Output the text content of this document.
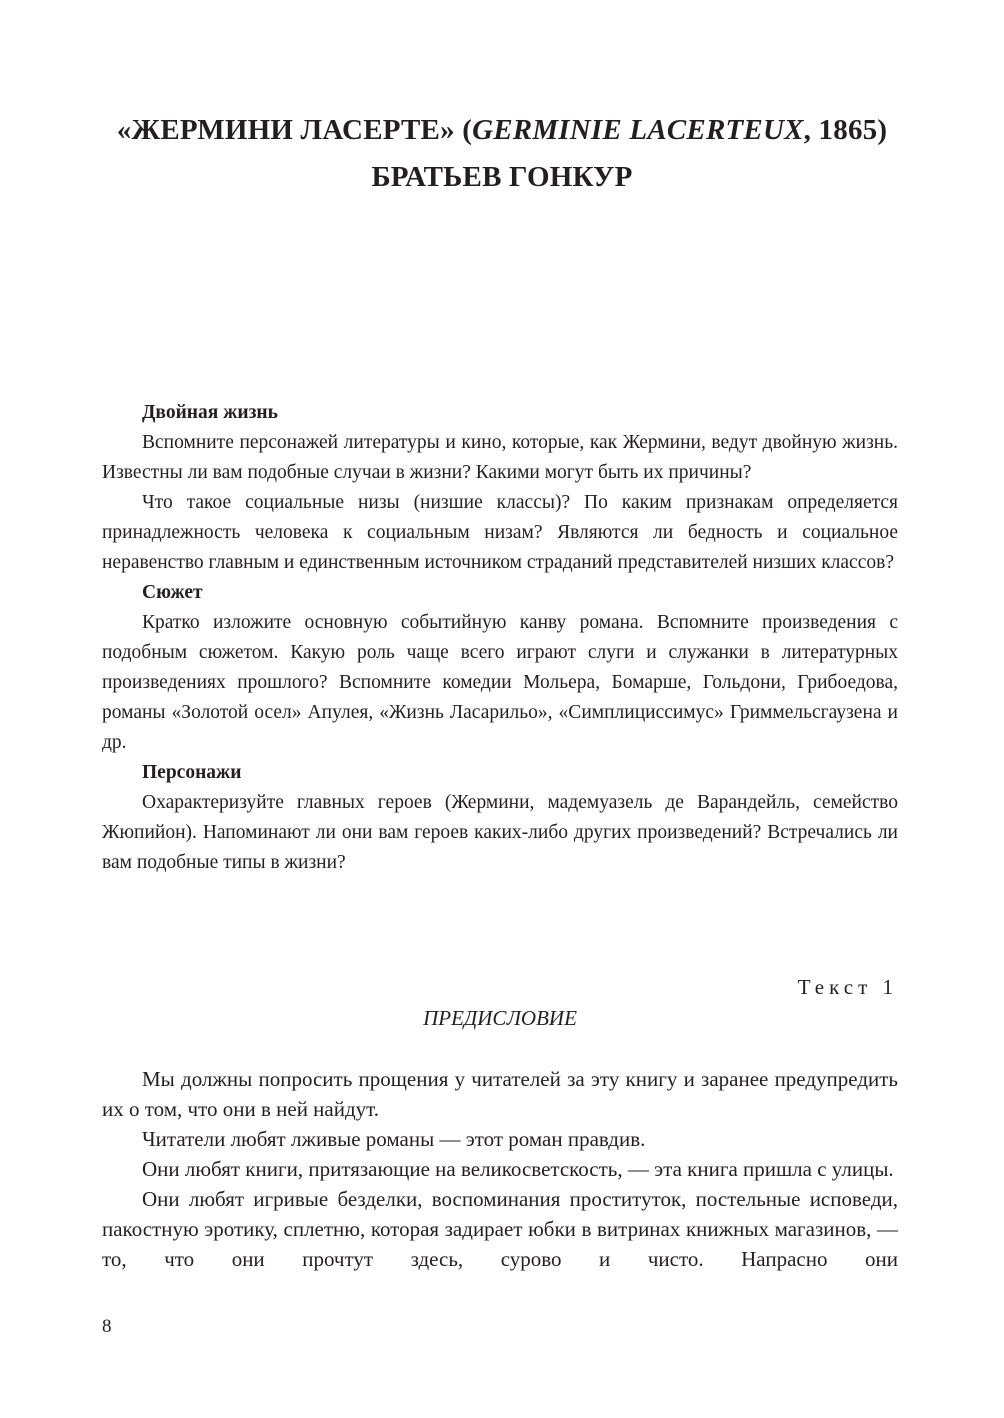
«ЖЕРМИНИ ЛАСЕРТЕ» (GERMINIE LACERTEUX, 1865)
БРАТЬЕВ ГОНКУР

Двойная жизнь

Вспомните персонажей литературы и кино, которые, как Жермини, ведут двойную жизнь. Известны ли вам подобные случаи в жизни? Какими могут быть их причины?

Что такое социальные низы (низшие классы)? По каким признакам определяется принадлежность человека к социальным низам? Являются ли бедность и социальное неравенство главным и единственным источником страданий представителей низших классов?

Сюжет

Кратко изложите основную событийную канву романа. Вспомните произведения с подобным сюжетом. Какую роль чаще всего играют слуги и служанки в литературных произведениях прошлого? Вспомните комедии Мольера, Бомарше, Гольдони, Грибоедова, романы «Золотой осел» Апулея, «Жизнь Ласарильо», «Симплициссимус» Гриммельсгаузена и др.

Персонажи

Охарактеризуйте главных героев (Жермини, мадемуазель де Варандейль, семейство Жюпийон). Напоминают ли они вам героев каких-либо других произведений? Встречались ли вам подобные типы в жизни?

Текст 1
ПРЕДИСЛОВИЕ

Мы должны попросить прощения у читателей за эту книгу и заранее предупредить их о том, что они в ней найдут.

Читатели любят лживые романы — этот роман правдив.

Они любят книги, притязающие на великосветскость, — эта книга пришла с улицы.

Они любят игривые безделки, воспоминания проституток, постельные исповеди, пакостную эротику, сплетню, которая задирает юбки в витринах книжных магазинов, — то, что они прочтут здесь, сурово и чисто. Напрасно они

8
